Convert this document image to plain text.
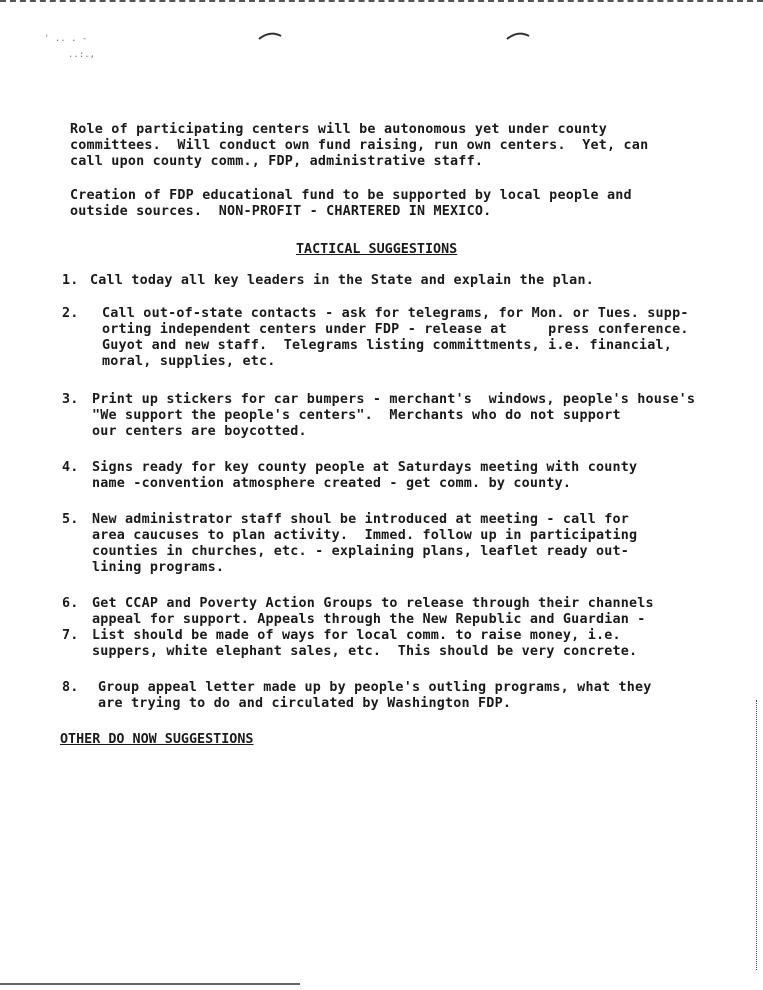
' .. . -
..:.,
Role of participating centers will be autonomous yet under county
committees.  Will conduct own fund raising, run own centers.  Yet, can
call upon county comm., FDP, administrative staff.
Creation of FDP educational fund to be supported by local people and
outside sources.  NON-PROFIT - CHARTERED IN MEXICO.
TACTICAL SUGGESTIONS
1. Call today all key leaders in the State and explain the plan.
2. Call out-of-state contacts - ask for telegrams, for Mon. or Tues. supp-
orting independent centers under FDP - release at     press conference.
Guyot and new staff.  Telegrams listing committments, i.e. financial,
moral, supplies, etc.
3. Print up stickers for car bumpers - merchant's  windows, people's house's
"We support the people's centers".  Merchants who do not support
our centers are boycotted.
4. Signs ready for key county people at Saturdays meeting with county
name -convention atmosphere created - get comm. by county.
5. New administrator staff shoul be introduced at meeting - call for
area caucuses to plan activity.  Immed. follow up in participating
counties in churches, etc. - explaining plans, leaflet ready out-
lining programs.
6. Get CCAP and Poverty Action Groups to release through their channels
appeal for support. Appeals through the New Republic and Guardian -
7. List should be made of ways for local comm. to raise money, i.e.
suppers, white elephant sales, etc.  This should be very concrete.
8. Group appeal letter made up by people's outling programs, what they
are trying to do and circulated by Washington FDP.
OTHER DO NOW SUGGESTIONS
